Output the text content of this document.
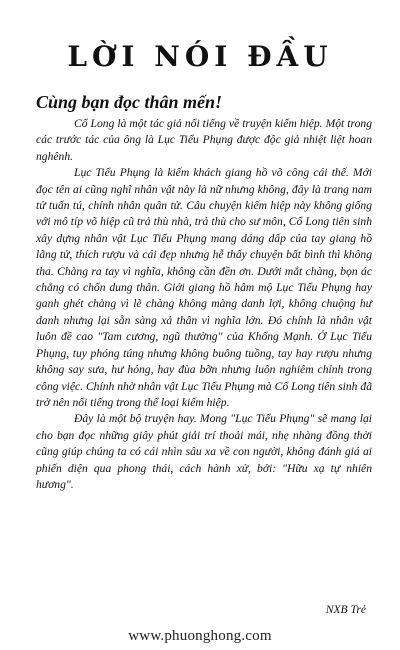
LỜI NÓI ĐẦU
Cùng bạn đọc thân mến!

Cổ Long là một tác giả nổi tiếng về truyện kiếm hiệp. Một trong các trước tác của ông là Lục Tiểu Phụng được độc giả nhiệt liệt hoan nghênh.

Lục Tiểu Phụng là kiếm khách giang hồ võ công cái thế. Mới đọc tên ai cũng nghĩ nhân vật này là nữ nhưng không, đây là trang nam tử tuấn tú, chính nhân quân tử. Câu chuyện kiếm hiệp này không giống với mô típ võ hiệp cũ trả thù nhà, trả thù cho sư môn, Cổ Long tiên sinh xây dựng nhân vật Lục Tiểu Phụng mang dáng dấp của tay giang hồ lãng tử, thích rượu và cái đẹp nhưng hễ thấy chuyện bất bình thì không tha. Chàng ra tay vì nghĩa, không cần đền ơn. Dưới mắt chàng, bọn ác chẳng có chốn dung thân. Giới giang hồ hâm mộ Lục Tiểu Phụng hay ganh ghét chàng vì lẽ chàng không màng danh lợi, không chuộng hư danh nhưng lại sẵn sàng xả thân vì nghĩa lớn. Đó chính là nhân vật luôn đề cao "Tam cương, ngũ thường" của Khổng Mạnh. Ở Lục Tiểu Phụng, tuy phóng túng nhưng không buông tuồng, tay hay rượu nhưng không say sưa, hư hỏng, hay đùa bỡn nhưng luôn nghiêm chỉnh trong công việc. Chính nhờ nhân vật Lục Tiểu Phụng mà Cổ Long tiên sinh đã trở nên nổi tiếng trong thể loại kiếm hiệp.

Đây là một bộ truyện hay. Mong "Lục Tiểu Phụng" sẽ mang lại cho bạn đọc những giây phút giải trí thoải mái, nhẹ nhàng đồng thời cũng giúp chúng ta có cái nhìn sâu xa về con người, không đánh giá ai phiến diện qua phong thái, cách hành xử, bởi: "Hữu xạ tự nhiên hương".

NXB Trẻ
www.phuonghong.com
